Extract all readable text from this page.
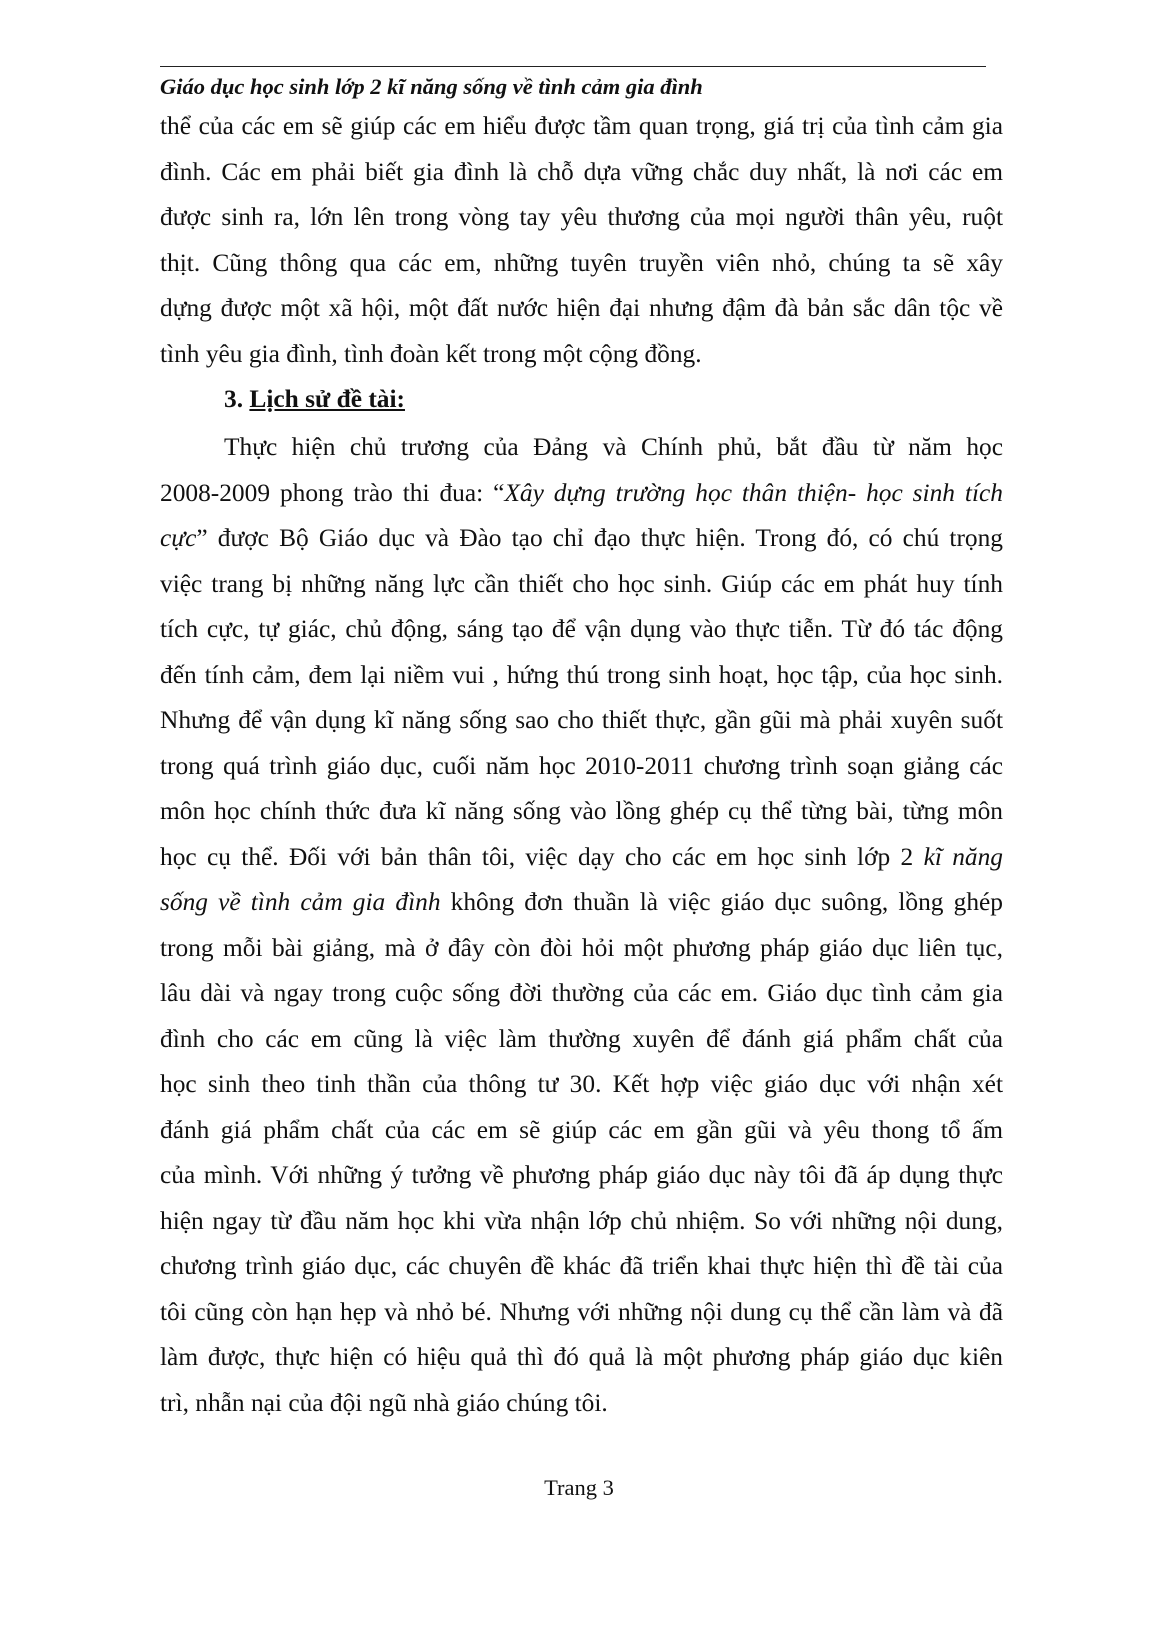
Giáo dục học sinh lớp 2 kĩ năng sống về tình cảm gia đình
thể của các em sẽ giúp các em hiểu được tầm quan trọng, giá trị của tình cảm gia
đình. Các em phải biết gia đình là chỗ dựa vững chắc duy nhất, là nơi các em
được sinh ra, lớn lên trong vòng tay yêu thương của mọi người thân yêu, ruột
thịt. Cũng thông qua các em, những tuyên truyền viên nhỏ, chúng ta sẽ xây
dựng được một xã hội, một đất nước hiện đại nhưng đậm đà bản sắc dân tộc về
tình yêu gia đình, tình đoàn kết trong một cộng đồng.
3. Lịch sử đề tài:
Thực hiện chủ trương của Đảng và Chính phủ, bắt đầu từ năm học
2008-2009 phong trào thi đua: “Xây dựng trường học thân thiện- học sinh tích
cực” được Bộ Giáo dục và Đào tạo chỉ đạo thực hiện. Trong đó, có chú trọng
việc trang bị những năng lực cần thiết cho học sinh. Giúp các em phát huy tính
tích cực, tự giác, chủ động, sáng tạo để vận dụng vào thực tiễn. Từ đó tác động
đến tính cảm, đem lại niềm vui , hứng thú trong sinh hoạt, học tập, của học sinh.
Nhưng để vận dụng kĩ năng sống sao cho thiết thực, gần gũi mà phải xuyên suốt
trong quá trình giáo dục, cuối năm học 2010-2011 chương trình soạn giảng các
môn học chính thức đưa kĩ năng sống vào lồng ghép cụ thể từng bài, từng môn
học cụ thể. Đối với bản thân tôi, việc dạy cho các em học sinh lớp 2 kĩ năng
sống về tình cảm gia đình không đơn thuần là việc giáo dục suông, lồng ghép
trong mỗi bài giảng, mà ở đây còn đòi hỏi một phương pháp giáo dục liên tục,
lâu dài và ngay trong cuộc sống đời thường của các em. Giáo dục tình cảm gia
đình cho các em cũng là việc làm thường xuyên để đánh giá phẩm chất của
học sinh theo tinh thần của thông tư 30. Kết hợp việc giáo dục với nhận xét
đánh giá phẩm chất của các em sẽ giúp các em gần gũi và yêu thong tổ ấm
của mình. Với những ý tưởng về phương pháp giáo dục này tôi đã áp dụng thực
hiện ngay từ đầu năm học khi vừa nhận lớp chủ nhiệm. So với những nội dung,
chương trình giáo dục, các chuyên đề khác đã triển khai thực hiện thì đề tài của
tôi cũng còn hạn hẹp và nhỏ bé. Nhưng với những nội dung cụ thể cần làm và đã
làm được, thực hiện có hiệu quả thì đó quả là một phương pháp giáo dục kiên
trì, nhẫn nại của đội ngũ nhà giáo chúng tôi.
Trang 3
